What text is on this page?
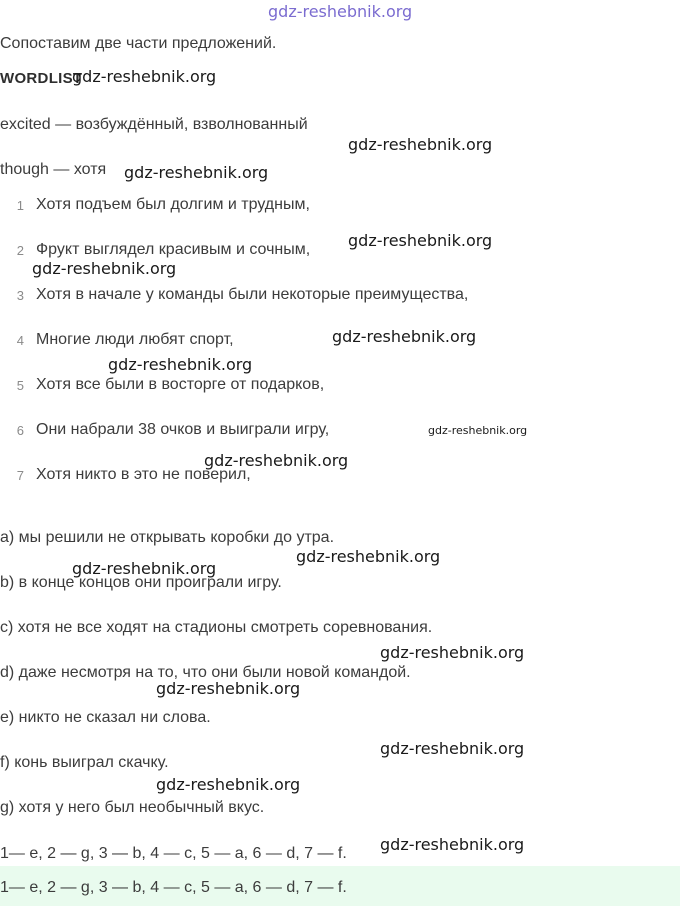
gdz-reshebnik.org
Сопоставим две части предложений.
WORDLIST
excited — возбуждённый, взволнованный
though — хотя
1 Хотя подъем был долгим и трудным,
2 Фрукт выглядел красивым и сочным,
3 Хотя в начале у команды были некоторые преимущества,
4 Многие люди любят спорт,
5 Хотя все были в восторге от подарков,
6 Они набрали 38 очков и выиграли игру,
7 Хотя никто в это не поверил,
a) мы решили не открывать коробки до утра.
b) в конце концов они проиграли игру.
c) хотя не все ходят на стадионы смотреть соревнования.
d) даже несмотря на то, что они были новой командой.
e) никто не сказал ни слова.
f) конь выиграл скачку.
g) хотя у него был необычный вкус.
1— e, 2 — g, 3 — b, 4 — c, 5 — a, 6 — d, 7 — f.
1— e, 2 — g, 3 — b, 4 — c, 5 — a, 6 — d, 7 — f.
gdz-reshebnik.org
gdz-reshebnik.org
gdz-reshebnik.org
gdz-reshebnik.org
gdz-reshebnik.org
gdz-reshebnik.org
gdz-reshebnik.org
gdz-reshebnik.org
gdz-reshebnik.org
gdz-reshebnik.org
gdz-reshebnik.org
gdz-reshebnik.org
gdz-reshebnik.org
gdz-reshebnik.org
gdz-reshebnik.org
gdz-reshebnik.org
